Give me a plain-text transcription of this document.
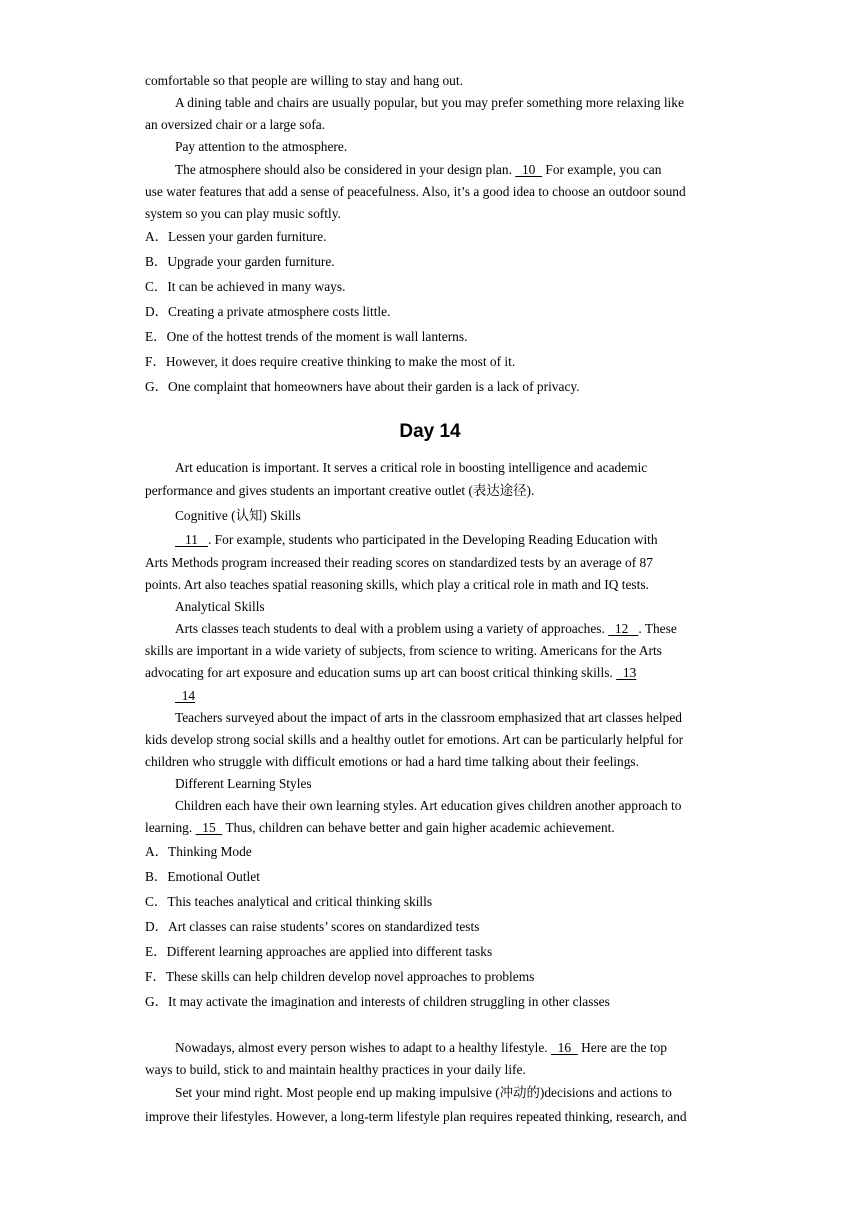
comfortable so that people are willing to stay and hang out.
A dining table and chairs are usually popular, but you may prefer something more relaxing like
an oversized chair or a large sofa.
Pay attention to the atmosphere.
The atmosphere should also be considered in your design plan.   10   For example, you can
use water features that add a sense of peacefulness. Also, it’s a good idea to choose an outdoor sound
system so you can play music softly.
A．Lessen your garden furniture.
B．Upgrade your garden furniture.
C．It can be achieved in many ways.
D．Creating a private atmosphere costs little.
E．One of the hottest trends of the moment is wall lanterns.
F．However, it does require creative thinking to make the most of it.
G．One complaint that homeowners have about their garden is a lack of privacy.
Day 14
Art education is important. It serves a critical role in boosting intelligence and academic
performance and gives students an important creative outlet (表达途径).
Cognitive (认知) Skills
11   . For example, students who participated in the Developing Reading Education with
Arts Methods program increased their reading scores on standardized tests by an average of 87
points. Art also teaches spatial reasoning skills, which play a critical role in math and IQ tests.
Analytical Skills
Arts classes teach students to deal with a problem using a variety of approaches.   12   . These
skills are important in a wide variety of subjects, from science to writing. Americans for the Arts
advocating for art exposure and education sums up art can boost critical thinking skills.   13
14
Teachers surveyed about the impact of arts in the classroom emphasized that art classes helped
kids develop strong social skills and a healthy outlet for emotions. Art can be particularly helpful for
children who struggle with difficult emotions or had a hard time talking about their feelings.
Different Learning Styles
Children each have their own learning styles. Art education gives children another approach to
learning.   15   Thus, children can behave better and gain higher academic achievement.
A．Thinking Mode
B．Emotional Outlet
C．This teaches analytical and critical thinking skills
D．Art classes can raise students’ scores on standardized tests
E．Different learning approaches are applied into different tasks
F．These skills can help children develop novel approaches to problems
G．It may activate the imagination and interests of children struggling in other classes
Nowadays, almost every person wishes to adapt to a healthy lifestyle.   16   Here are the top
ways to build, stick to and maintain healthy practices in your daily life.
Set your mind right. Most people end up making impulsive (冲动的)decisions and actions to
improve their lifestyles. However, a long-term lifestyle plan requires repeated thinking, research, and
